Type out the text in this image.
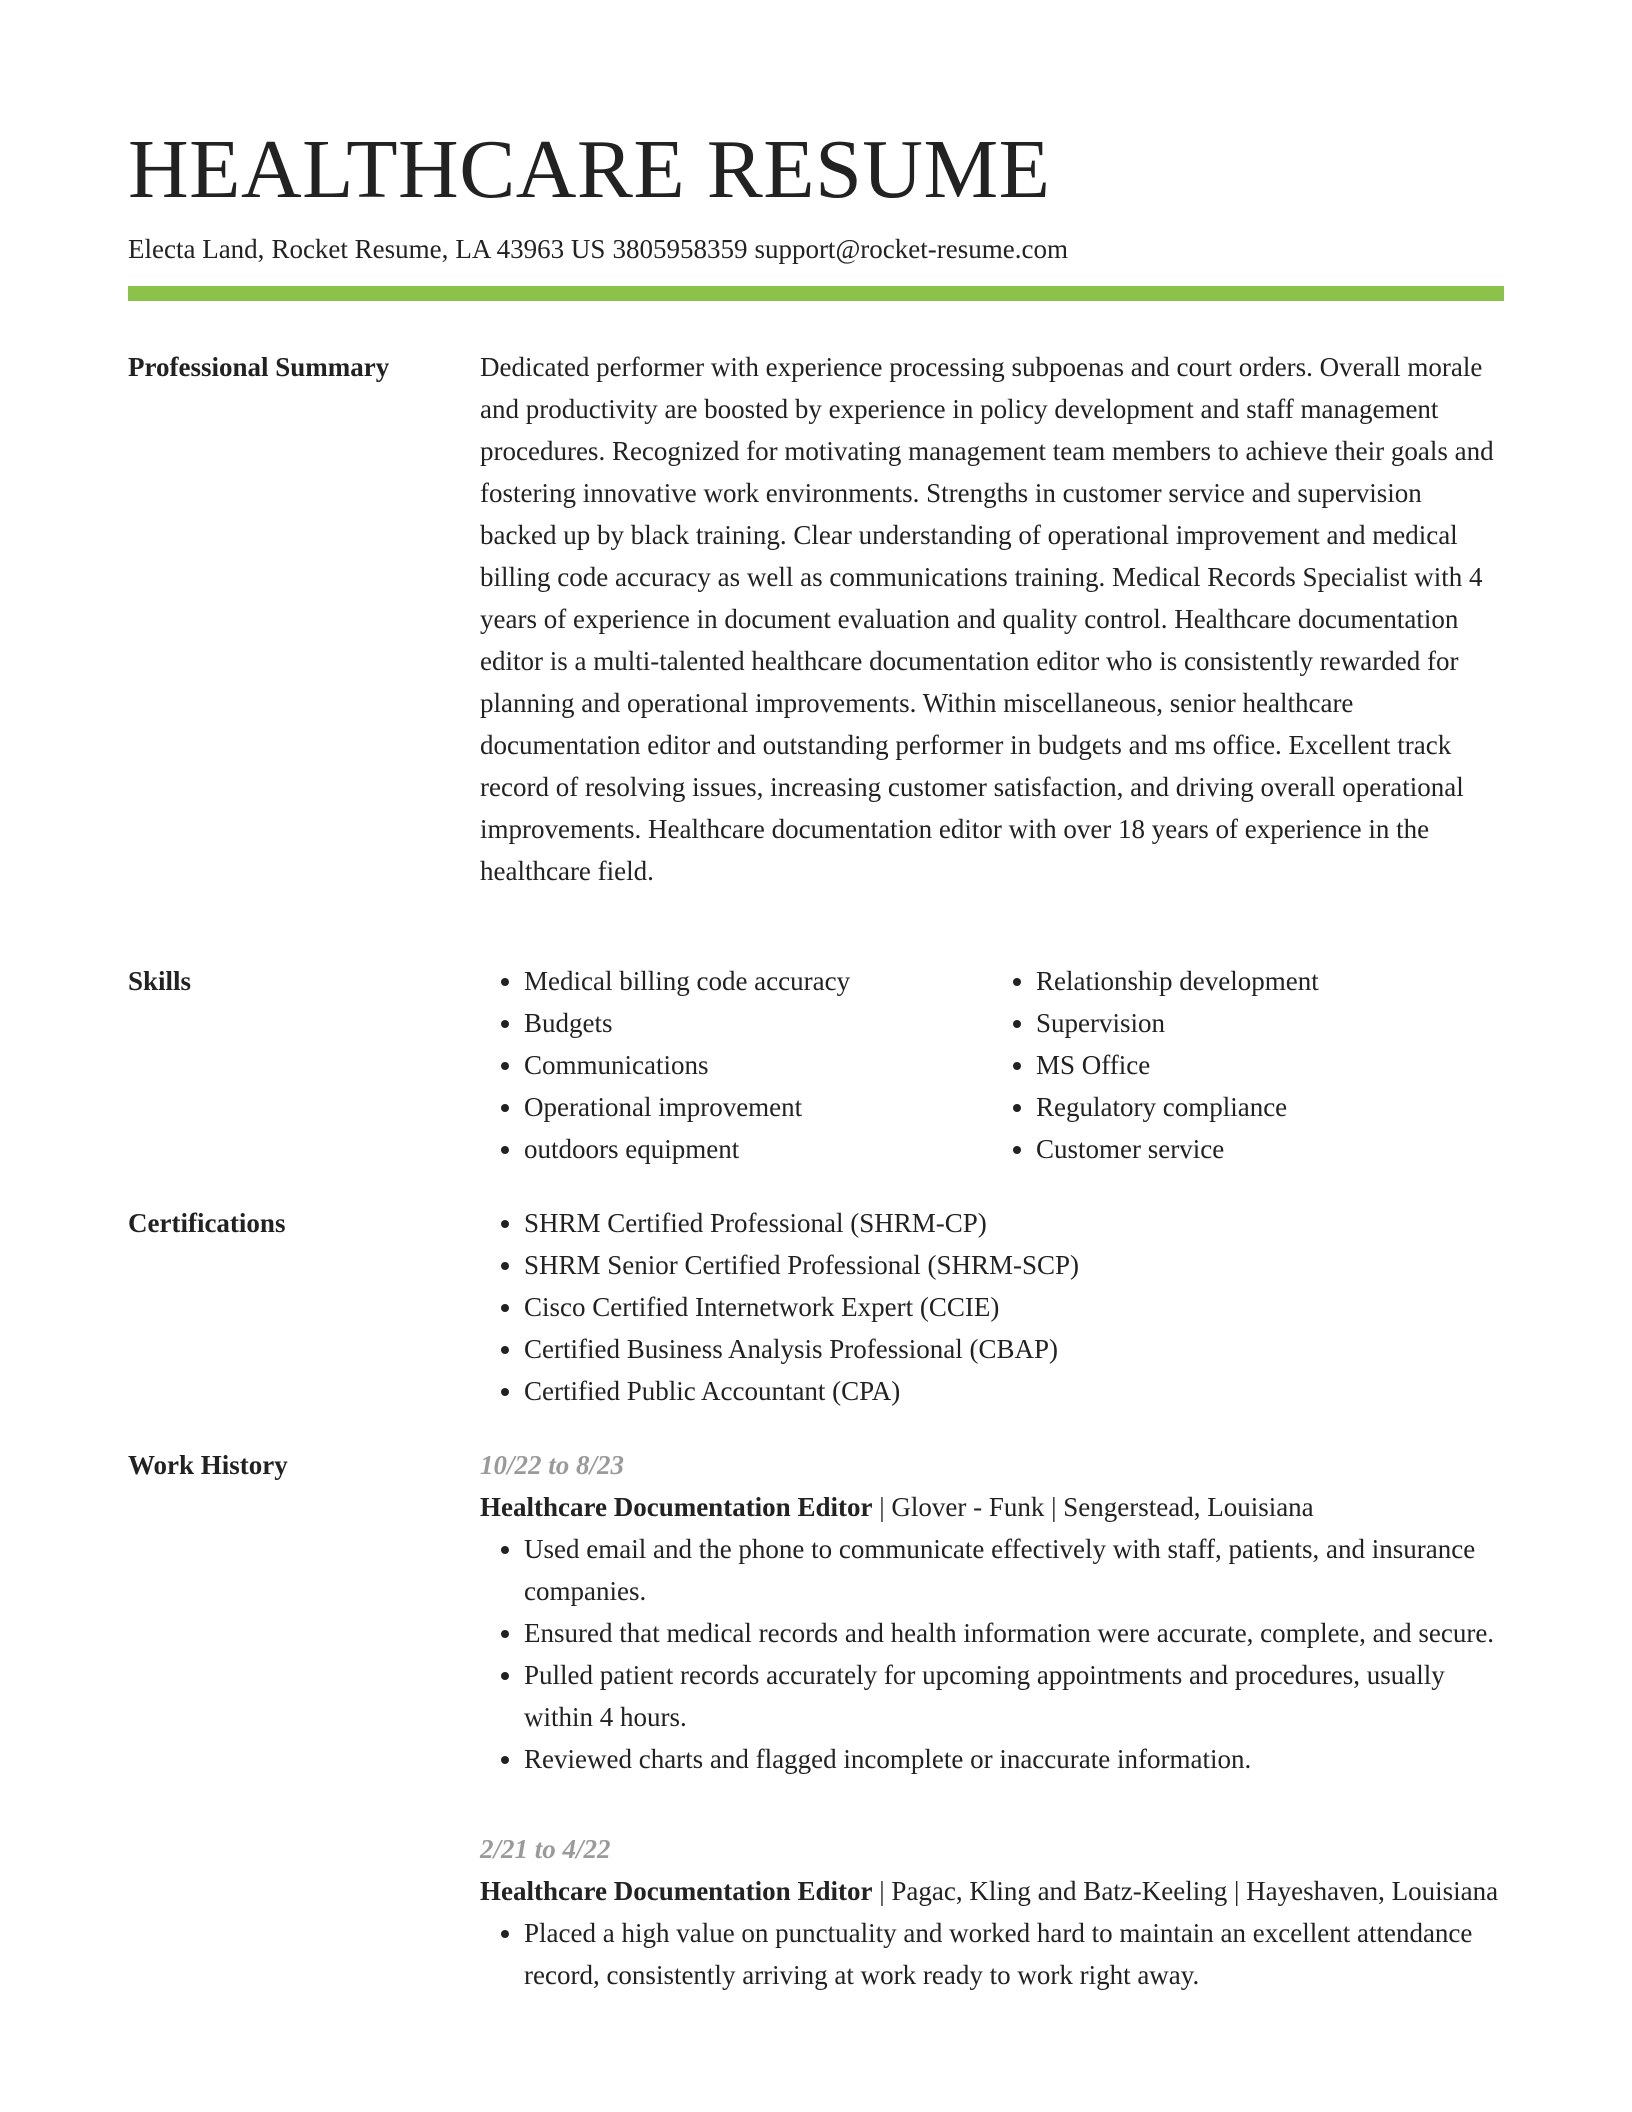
HEALTHCARE RESUME
Electa Land, Rocket Resume, LA 43963 US 3805958359 support@rocket-resume.com
Professional Summary	Dedicated performer with experience processing subpoenas and court orders. Overall morale and productivity are boosted by experience in policy development and staff management procedures. Recognized for motivating management team members to achieve their goals and fostering innovative work environments. Strengths in customer service and supervision backed up by black training. Clear understanding of operational improvement and medical billing code accuracy as well as communications training. Medical Records Specialist with 4 years of experience in document evaluation and quality control. Healthcare documentation editor is a multi-talented healthcare documentation editor who is consistently rewarded for planning and operational improvements. Within miscellaneous, senior healthcare documentation editor and outstanding performer in budgets and ms office. Excellent track record of resolving issues, increasing customer satisfaction, and driving overall operational improvements. Healthcare documentation editor with over 18 years of experience in the healthcare field.

Skills	• Medical billing code accuracy
• Budgets
• Communications
• Operational improvement
• outdoors equipment
• Relationship development
• Supervision
• MS Office
• Regulatory compliance
• Customer service
Certifications	• SHRM Certified Professional (SHRM-CP)
• SHRM Senior Certified Professional (SHRM-SCP)
• Cisco Certified Internetwork Expert (CCIE)
• Certified Business Analysis Professional (CBAP)
• Certified Public Accountant (CPA)
Work History	10/22 to 8/23

Healthcare Documentation Editor | Glover - Funk | Sengerstead, Louisiana

• Used email and the phone to communicate effectively with staff, patients, and insurance companies.
• Ensured that medical records and health information were accurate, complete, and secure.
• Pulled patient records accurately for upcoming appointments and procedures, usually within 4 hours.
• Reviewed charts and flagged incomplete or inaccurate information.
2/21 to 4/22

Healthcare Documentation Editor | Pagac, Kling and Batz-Keeling | Hayeshaven, Louisiana

• Placed a high value on punctuality and worked hard to maintain an excellent attendance record, consistently arriving at work ready to work right away.
